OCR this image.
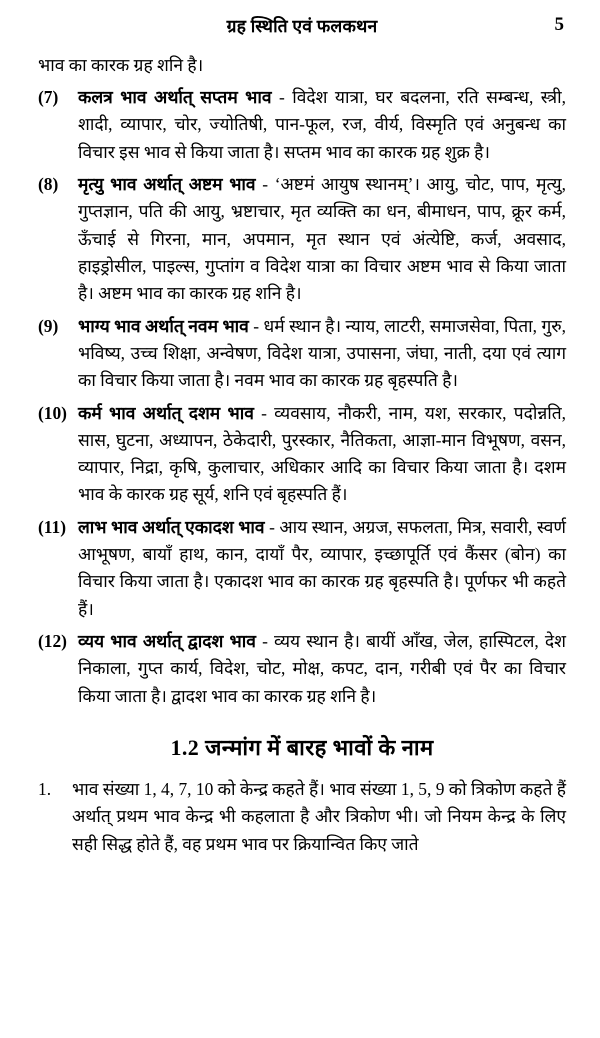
ग्रह स्थिति एवं फलकथन	5
भाव का कारक ग्रह शनि है।
(7)	कलत्र भाव अर्थात् सप्तम भाव - विदेश यात्रा, घर बदलना, रति सम्बन्ध, स्त्री, शादी, व्यापार, चोर, ज्योतिषी, पान-फूल, रज, वीर्य, विस्मृति एवं अनुबन्ध का विचार इस भाव से किया जाता है। सप्तम भाव का कारक ग्रह शुक्र है।
(8)	मृत्यु भाव अर्थात् अष्टम भाव - ‘अष्टमं आयुष स्थानम्’। आयु, चोट, पाप, मृत्यु, गुप्तज्ञान, पति की आयु, भ्रष्टाचार, मृत व्यक्ति का धन, बीमाधन, पाप, क्रूर कर्म, ऊँचाई से गिरना, मान, अपमान, मृत स्थान एवं अंत्येष्टि, कर्ज, अवसाद, हाइड्रोसील, पाइल्स, गुप्तांग व विदेश यात्रा का विचार अष्टम भाव से किया जाता है। अष्टम भाव का कारक ग्रह शनि है।
(9)	भाग्य भाव अर्थात् नवम भाव - धर्म स्थान है। न्याय, लाटरी, समाजसेवा, पिता, गुरु, भविष्य, उच्च शिक्षा, अन्वेषण, विदेश यात्रा, उपासना, जंघा, नाती, दया एवं त्याग का विचार किया जाता है। नवम भाव का कारक ग्रह बृहस्पति है।
(10) कर्म भाव अर्थात् दशम भाव - व्यवसाय, नौकरी, नाम, यश, सरकार, पदोन्नति, सास, घुटना, अध्यापन, ठेकेदारी, पुरस्कार, नैतिकता, आज्ञा-मान विभूषण, वसन, व्यापार, निद्रा, कृषि, कुलाचार, अधिकार आदि का विचार किया जाता है। दशम भाव के कारक ग्रह सूर्य, शनि एवं बृहस्पति हैं।
(11) लाभ भाव अर्थात् एकादश भाव - आय स्थान, अग्रज, सफलता, मित्र, सवारी, स्वर्ण आभूषण, बायाँ हाथ, कान, दायाँ पैर, व्यापार, इच्छापूर्ति एवं कैंसर (बोन) का विचार किया जाता है। एकादश भाव का कारक ग्रह बृहस्पति है। पूर्णफर भी कहते हैं।
(12) व्यय भाव अर्थात् द्वादश भाव - व्यय स्थान है। बायीं आँख, जेल, हास्पिटल, देश निकाला, गुप्त कार्य, विदेश, चोट, मोक्ष, कपट, दान, गरीबी एवं पैर का विचार किया जाता है। द्वादश भाव का कारक ग्रह शनि है।
1.2 जन्मांग में बारह भावों के नाम
1.	भाव संख्या 1, 4, 7, 10 को केन्द्र कहते हैं। भाव संख्या 1, 5, 9 को त्रिकोण कहते हैं अर्थात् प्रथम भाव केन्द्र भी कहलाता है और त्रिकोण भी। जो नियम केन्द्र के लिए सही सिद्ध होते हैं, वह प्रथम भाव पर क्रियान्वित किए जाते
